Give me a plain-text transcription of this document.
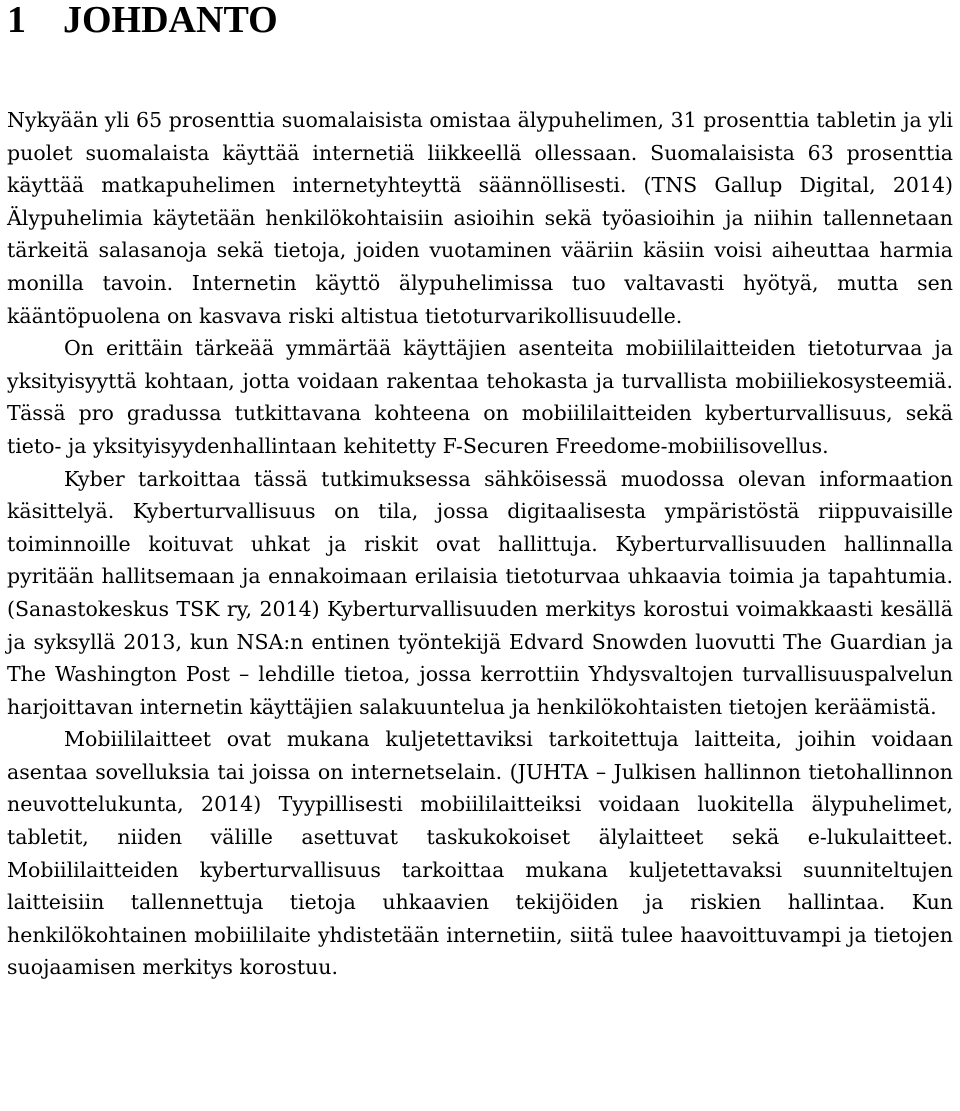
1 JOHDANTO

Nykyään yli 65 prosenttia suomalaisista omistaa älypuhelimen, 31 prosenttia tabletin ja yli puolet suomalaista käyttää internetiä liikkeellä ollessaan. Suomalaisista 63 prosenttia käyttää matkapuhelimen internetyhteyttä säännöllisesti. (TNS Gallup Digital, 2014) Älypuhelimia käytetään henkilökohtaisiin asioihin sekä työasioihin ja niihin tallennetaan tärkeitä salasanoja sekä tietoja, joiden vuotaminen vääriin käsiin voisi aiheuttaa harmia monilla tavoin. Internetin käyttö älypuhelimissa tuo valtavasti hyötyä, mutta sen kääntöpuolena on kasvava riski altistua tietoturvarikollisuudelle.

On erittäin tärkeää ymmärtää käyttäjien asenteita mobiililaitteiden tietoturvaa ja yksityisyyttä kohtaan, jotta voidaan rakentaa tehokasta ja turvallista mobiiliekosysteemiä. Tässä pro gradussa tutkittavana kohteena on mobiililaitteiden kyberturvallisuus, sekä tieto- ja yksityisyydenhallintaan kehitetty F-Securen Freedome-mobiilisovellus.

Kyber tarkoittaa tässä tutkimuksessa sähköisessä muodossa olevan informaation käsittelyä. Kyberturvallisuus on tila, jossa digitaalisesta ympäristöstä riippuvaisille toiminnoille koituvat uhkat ja riskit ovat hallittuja. Kyberturvallisuuden hallinnalla pyritään hallitsemaan ja ennakoimaan erilaisia tietoturvaa uhkaavia toimia ja tapahtumia. (Sanastokeskus TSK ry, 2014) Kyberturvallisuuden merkitys korostui voimakkaasti kesällä ja syksyllä 2013, kun NSA:n entinen työntekijä Edvard Snowden luovutti The Guardian ja The Washington Post – lehdille tietoa, jossa kerrottiin Yhdysvaltojen turvallisuuspalvelun harjoittavan internetin käyttäjien salakuuntelua ja henkilökohtaisten tietojen keräämistä.

Mobiililaitteet ovat mukana kuljetettaviksi tarkoitettuja laitteita, joihin voidaan asentaa sovelluksia tai joissa on internetselain. (JUHTA – Julkisen hallinnon tietohallinnon neuvottelukunta, 2014) Tyypillisesti mobiililaitteiksi voidaan luokitella älypuhelimet, tabletit, niiden välille asettuvat taskukokoiset älylaitteet sekä e-lukulaitteet. Mobiililaitteiden kyberturvallisuus tarkoittaa mukana kuljetettavaksi suunniteltujen laitteisiin tallennettuja tietoja uhkaavien tekijöiden ja riskien hallintaa. Kun henkilökohtainen mobiililaite yhdistetään internetiin, siitä tulee haavoittuvampi ja tietojen suojaamisen merkitys korostuu.
